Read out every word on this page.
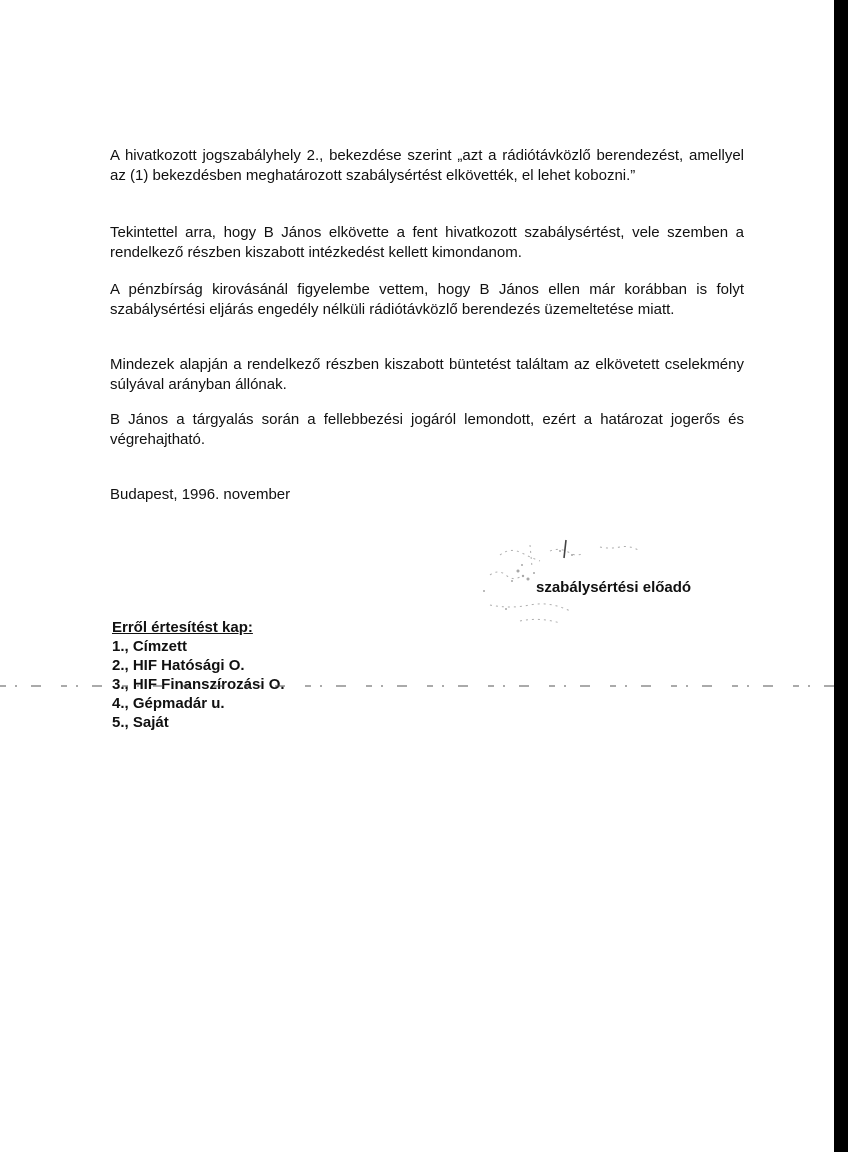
A hivatkozott jogszabályhely 2., bekezdése szerint „azt a rádiótávközlő berendezést, amellyel az (1) bekezdésben meghatározott szabálysértést elkövették, el lehet kobozni.”

Tekintettel arra, hogy B János elkövette a fent hivatkozott szabálysértést, vele szemben a rendelkező részben kiszabott intézkedést kellett kimondanom.

A pénzbírság kirovásánál figyelembe vettem, hogy B János ellen már korábban is folyt szabálysértési eljárás engedély nélküli rádiótávközlő berendezés üzemeltetése miatt.

Mindezek alapján a rendelkező részben kiszabott büntetést találtam az elkövetett cselekmény súlyával arányban állónak.

B János a tárgyalás során a fellebbezési jogáról lemondott, ezért a határozat jogerős és végrehajtható.

Budapest, 1996. november
szabálysértési előadó
Erről értesítést kap:
1., Címzett
2., HIF Hatósági O.
3., HIF Finanszírozási O.
4., Gépmadár u.
5., Saját
